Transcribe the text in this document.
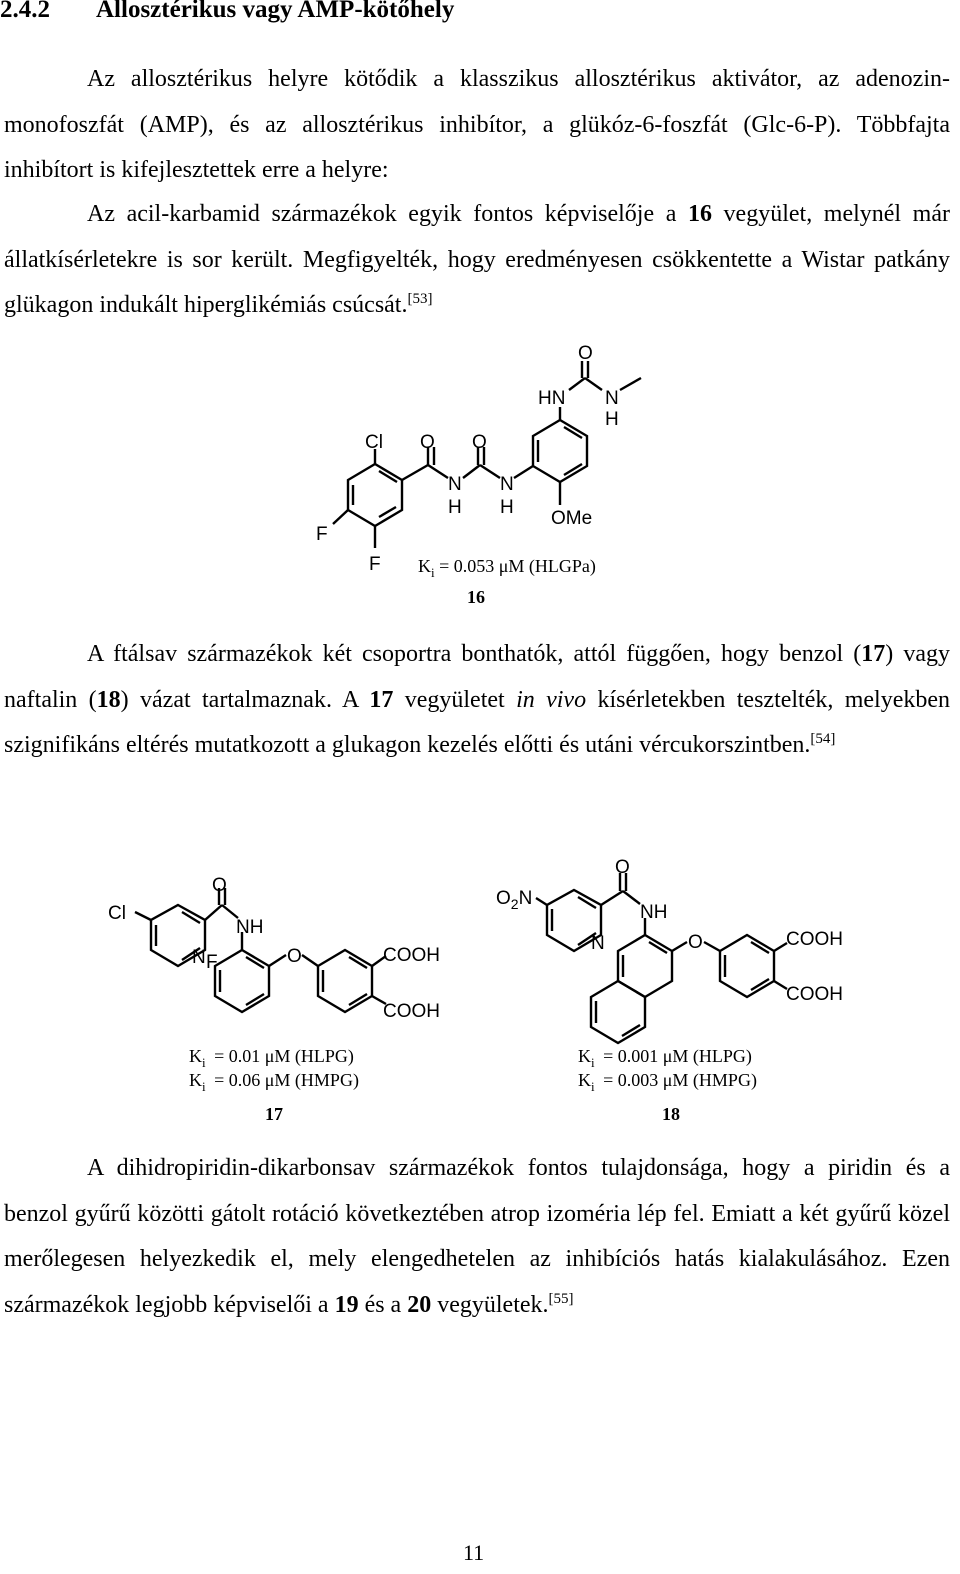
2.4.2 Allosztérikus vagy AMP-kötőhely

Az allosztérikus helyre kötődik a klasszikus allosztérikus aktivátor, az adenozin-monofoszfát (AMP), és az allosztérikus inhibítor, a glükóz-6-foszfát (Glc-6-P). Többfajta inhibítort is kifejlesztettek erre a helyre:

Az acil-karbamid származékok egyik fontos képviselője a 16 vegyület, melynél már állatkísérletekre is sor került. Megfigyelték, hogy eredményesen csökkentette a Wistar patkány glükagon indukált hiperglikémiás csúcsát.[53]

Cl O O
N
H
N
H
F
F
OMe
HN
O
N
H
$K_i = 0.053$ μM (HLGPa)
16

A ftálsav származékok két csoportra bonthatók, attól függően, hogy benzol (17) vagy naftalin (18) vázat tartalmaznak. A 17 vegyületet in vivo kísérletekben tesztelték, melyekben szignifikáns eltérés mutatkozott a glukagon kezelés előtti és utáni vércukorszintben.[54]

Cl
O
NH
N F	O	COOH
COOH
$K_i = 0.01$ μM (HLPG)
$K_i = 0.06$ μM (HMPG)
17
$O_2N$
O
NH
N	O	COOH
COOH
$K_i = 0.001$ μM (HLPG)
$K_i = 0.003$ μM (HMPG)
18

A dihidropiridin-dikarbonsav származékok fontos tulajdonsága, hogy a piridin és a benzol gyűrű közötti gátolt rotáció következtében atrop izoméria lép fel. Emiatt a két gyűrű közel merőlegesen helyezkedik el, mely elengedhetelen az inhibíciós hatás kialakulásához. Ezen származékok legjobb képviselői a 19 és a 20 vegyületek.[55]

11
